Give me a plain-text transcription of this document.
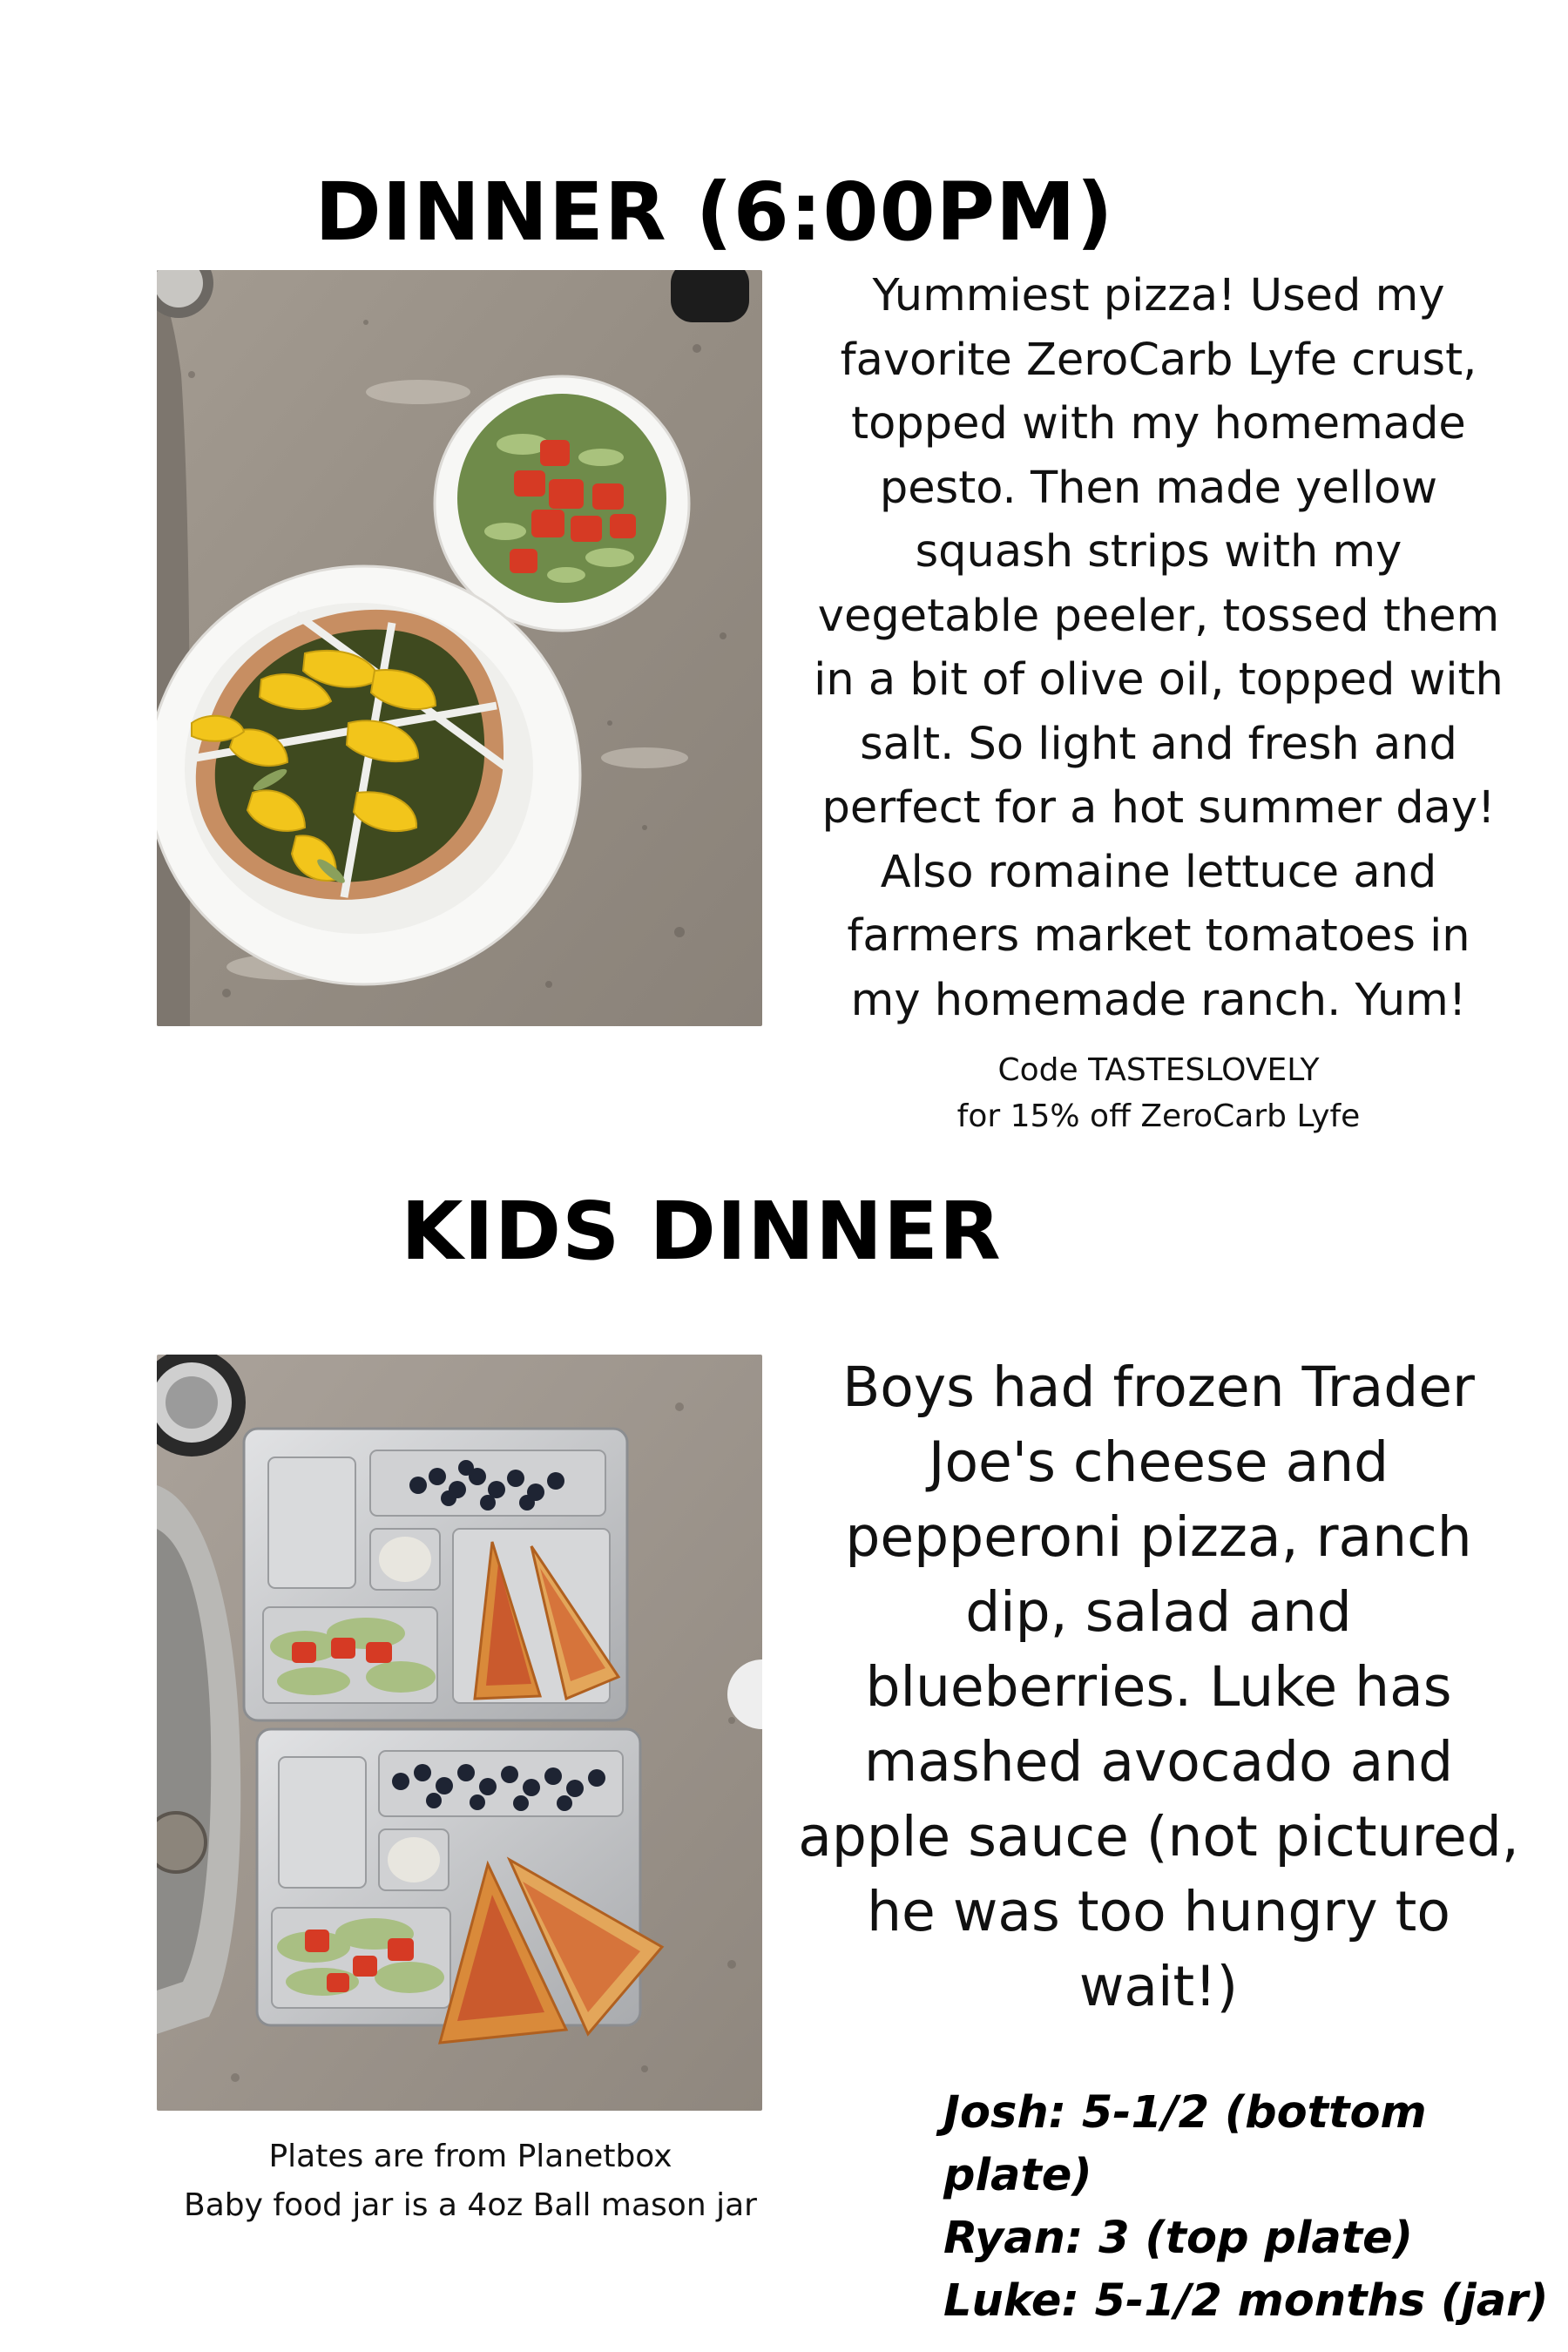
DINNER (6:00PM)
Yummiest pizza! Used my favorite ZeroCarb Lyfe crust, topped with my homemade pesto. Then made yellow squash strips with my vegetable peeler, tossed them in a bit of olive oil, topped with salt. So light and fresh and perfect for a hot summer day! Also romaine lettuce and farmers market tomatoes in my homemade ranch. Yum!
Code TASTESLOVELY
for 15% off ZeroCarb Lyfe
KIDS DINNER
Boys had frozen Trader Joe's cheese and pepperoni pizza, ranch dip, salad and blueberries. Luke has mashed avocado and apple sauce (not pictured, he was too hungry to wait!)
Plates are from Planetbox
Baby food jar is a 4oz Ball mason jar
Josh: 5-1/2 (bottom plate)
Ryan: 3 (top plate)
Luke: 5-1/2 months (jar)
